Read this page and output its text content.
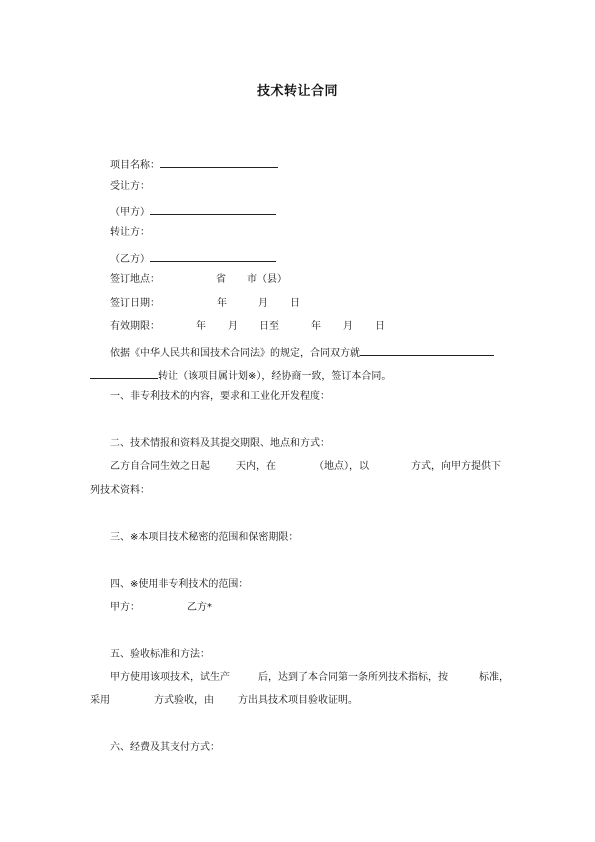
技术转让合同
项目名称：
受让方：
（甲方）
转让方：
（乙方）
签订地点：	省 市（县）
签订日期：	年	月 日
有效期限：	年 月 日至	年 月 日
依据《中华人民共和国技术合同法》的规定，合同双方就
转让（该项目属计划※），经协商一致，签订本合同。
一、非专利技术的内容，要求和工业化开发程度：
二、技术情报和资料及其提交期限、地点和方式：
乙方自合同生效之日起	天内，在	（地点），以	方式，向甲方提供下
列技术资料：
三、※本项目技术秘密的范围和保密期限：
四、※使用非专利技术的范围：
甲方：	乙方*
五、验收标准和方法：
甲方使用该项技术，试生产	后，达到了本合同第一条所列技术指标，按	标准，
采用	方式验收，由 方出具技术项目验收证明。
六、经费及其支付方式：
